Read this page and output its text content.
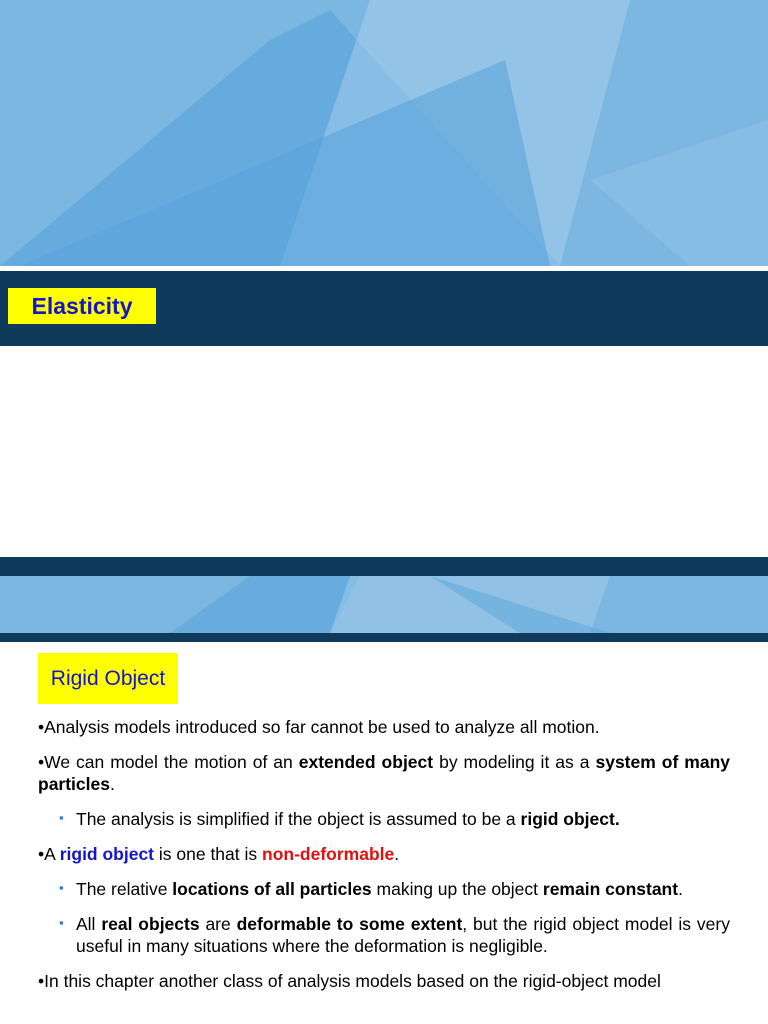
Elasticity
Rigid Object

•Analysis models introduced so far cannot be used to analyze all motion.

•We can model the motion of an extended object by modeling it as a system of many particles.

▪ The analysis is simplified if the object is assumed to be a rigid object.

•A rigid object is one that is non-deformable.

▪ The relative locations of all particles making up the object remain constant.

▪ All real objects are deformable to some extent, but the rigid object model is very useful in many situations where the deformation is negligible.

•In this chapter another class of analysis models based on the rigid-object model
